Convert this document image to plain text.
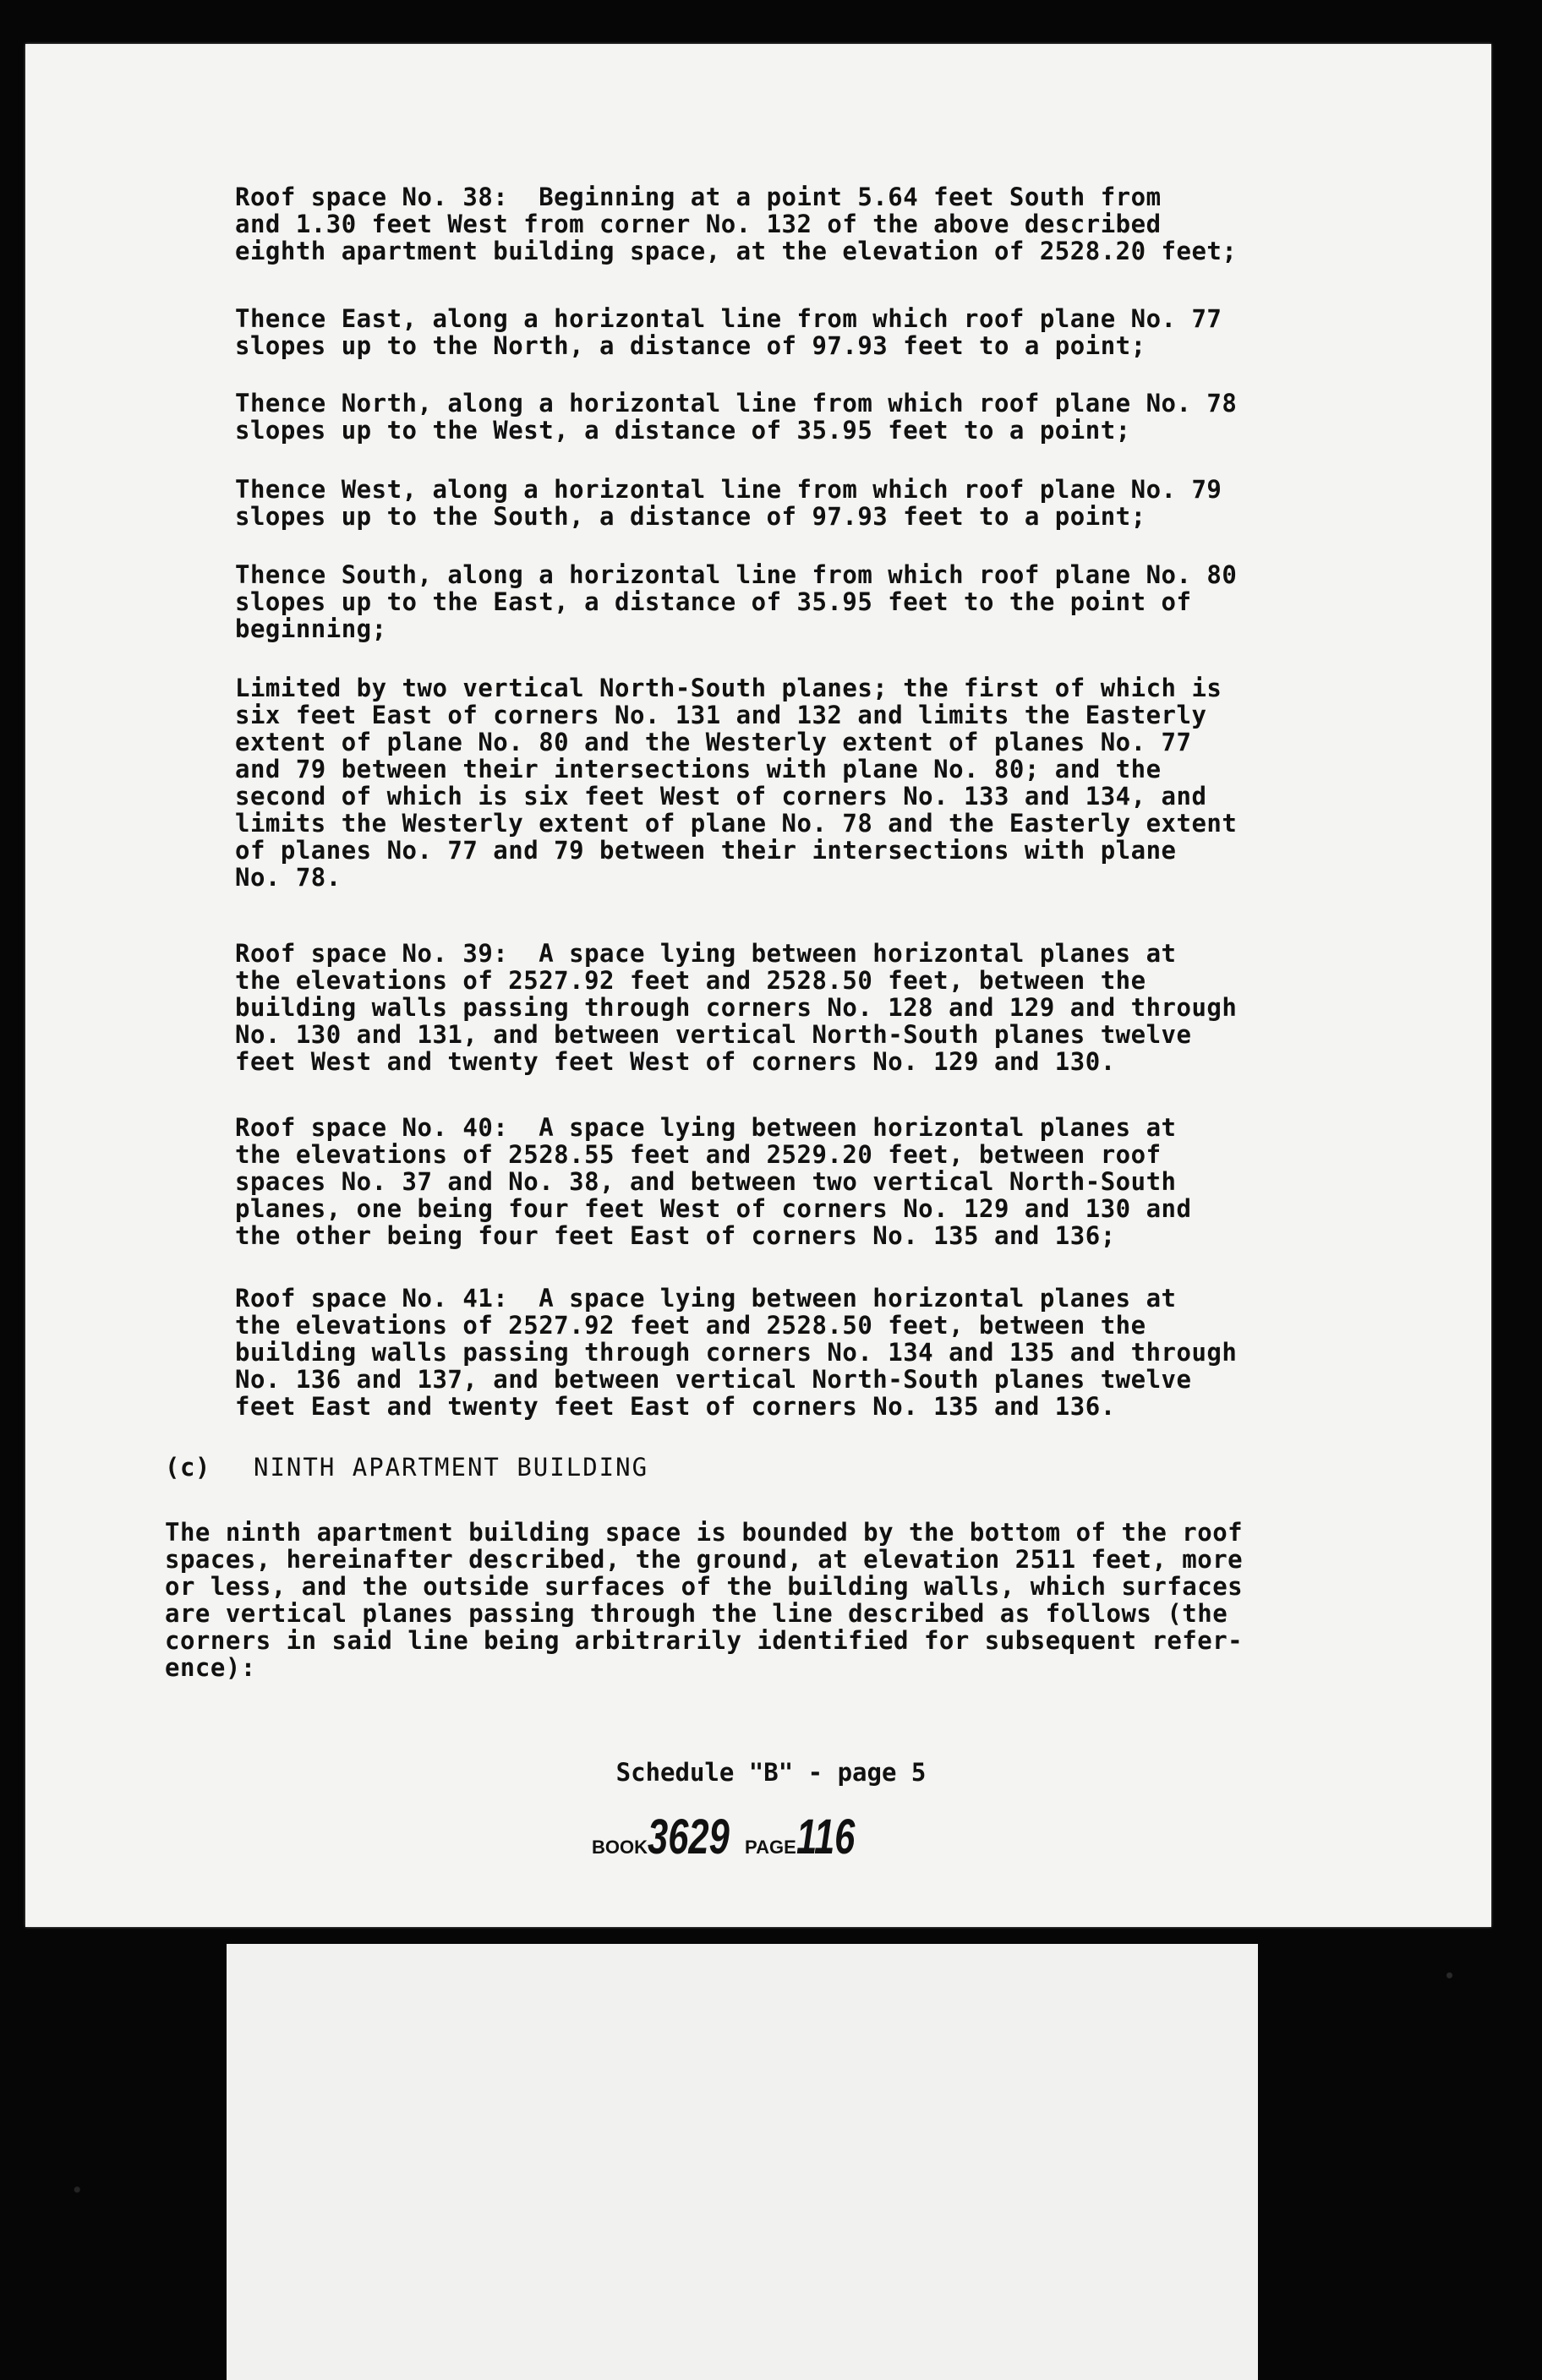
Roof space No. 38:  Beginning at a point 5.64 feet South from
and 1.30 feet West from corner No. 132 of the above described
eighth apartment building space, at the elevation of 2528.20 feet;
Thence East, along a horizontal line from which roof plane No. 77
slopes up to the North, a distance of 97.93 feet to a point;
Thence North, along a horizontal line from which roof plane No. 78
slopes up to the West, a distance of 35.95 feet to a point;
Thence West, along a horizontal line from which roof plane No. 79
slopes up to the South, a distance of 97.93 feet to a point;
Thence South, along a horizontal line from which roof plane No. 80
slopes up to the East, a distance of 35.95 feet to the point of
beginning;
Limited by two vertical North-South planes; the first of which is
six feet East of corners No. 131 and 132 and limits the Easterly
extent of plane No. 80 and the Westerly extent of planes No. 77
and 79 between their intersections with plane No. 80; and the
second of which is six feet West of corners No. 133 and 134, and
limits the Westerly extent of plane No. 78 and the Easterly extent
of planes No. 77 and 79 between their intersections with plane
No. 78.
Roof space No. 39:  A space lying between horizontal planes at
the elevations of 2527.92 feet and 2528.50 feet, between the
building walls passing through corners No. 128 and 129 and through
No. 130 and 131, and between vertical North-South planes twelve
feet West and twenty feet West of corners No. 129 and 130.
Roof space No. 40:  A space lying between horizontal planes at
the elevations of 2528.55 feet and 2529.20 feet, between roof
spaces No. 37 and No. 38, and between two vertical North-South
planes, one being four feet West of corners No. 129 and 130 and
the other being four feet East of corners No. 135 and 136;
Roof space No. 41:  A space lying between horizontal planes at
the elevations of 2527.92 feet and 2528.50 feet, between the
building walls passing through corners No. 134 and 135 and through
No. 136 and 137, and between vertical North-South planes twelve
feet East and twenty feet East of corners No. 135 and 136.
(c) NINTH APARTMENT BUILDING
The ninth apartment building space is bounded by the bottom of the roof
spaces, hereinafter described, the ground, at elevation 2511 feet, more
or less, and the outside surfaces of the building walls, which surfaces
are vertical planes passing through the line described as follows (the
corners in said line being arbitrarily identified for subsequent refer-
ence):
Schedule "B" - page 5
BOOK3629 PAGE116
